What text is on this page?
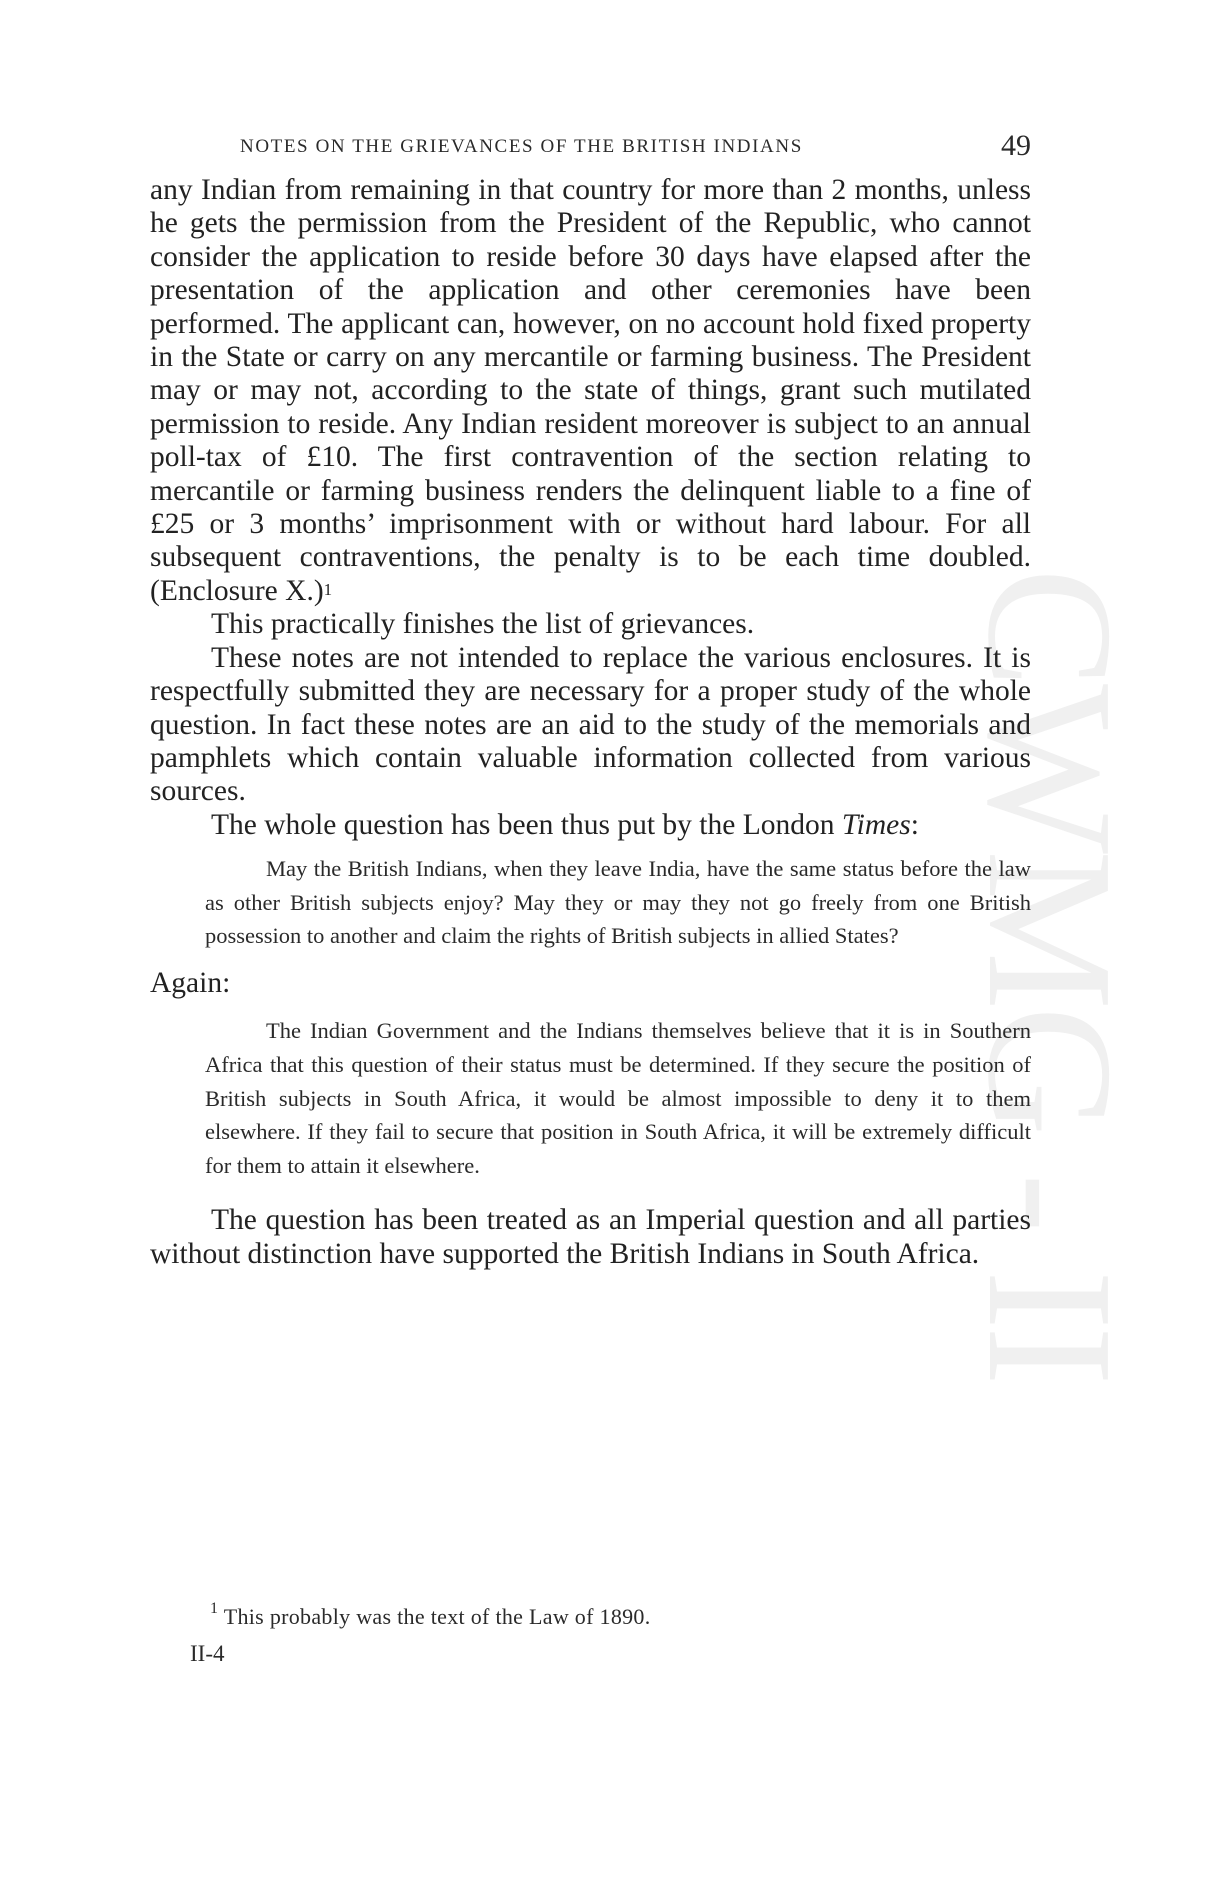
CWMG - II
NOTES ON THE GRIEVANCES OF THE BRITISH INDIANS	49

any Indian from remaining in that country for more than 2 months, unless he gets the permission from the President of the Republic, who cannot consider the application to reside before 30 days have elapsed after the presentation of the application and other ceremonies have been performed. The applicant can, however, on no account hold fixed property in the State or carry on any mercantile or farming business. The President may or may not, according to the state of things, grant such mutilated permission to reside. Any Indian resident moreover is subject to an annual poll-tax of £10. The first contravention of the section relating to mercantile or farming business renders the delinquent liable to a fine of £25 or 3 months’ imprisonment with or without hard labour. For all subsequent contraventions, the penalty is to be each time doubled. (Enclosure X.)$^1$

This practically finishes the list of grievances.

These notes are not intended to replace the various enclosures. It is respectfully submitted they are necessary for a proper study of the whole question. In fact these notes are an aid to the study of the memorials and pamphlets which contain valuable information collected from various sources.

The whole question has been thus put by the London Times:

May the British Indians, when they leave India, have the same status before the law as other British subjects enjoy? May they or may they not go freely from one British possession to another and claim the rights of British subjects in allied States?

Again:

The Indian Government and the Indians themselves believe that it is in Southern Africa that this question of their status must be determined. If they secure the position of British subjects in South Africa, it would be almost impossible to deny it to them elsewhere. If they fail to secure that position in South Africa, it will be extremely difficult for them to attain it elsewhere.

The question has been treated as an Imperial question and all parties without distinction have supported the British Indians in South Africa.

$^1$ This probably was the text of the Law of 1890.
II-4
